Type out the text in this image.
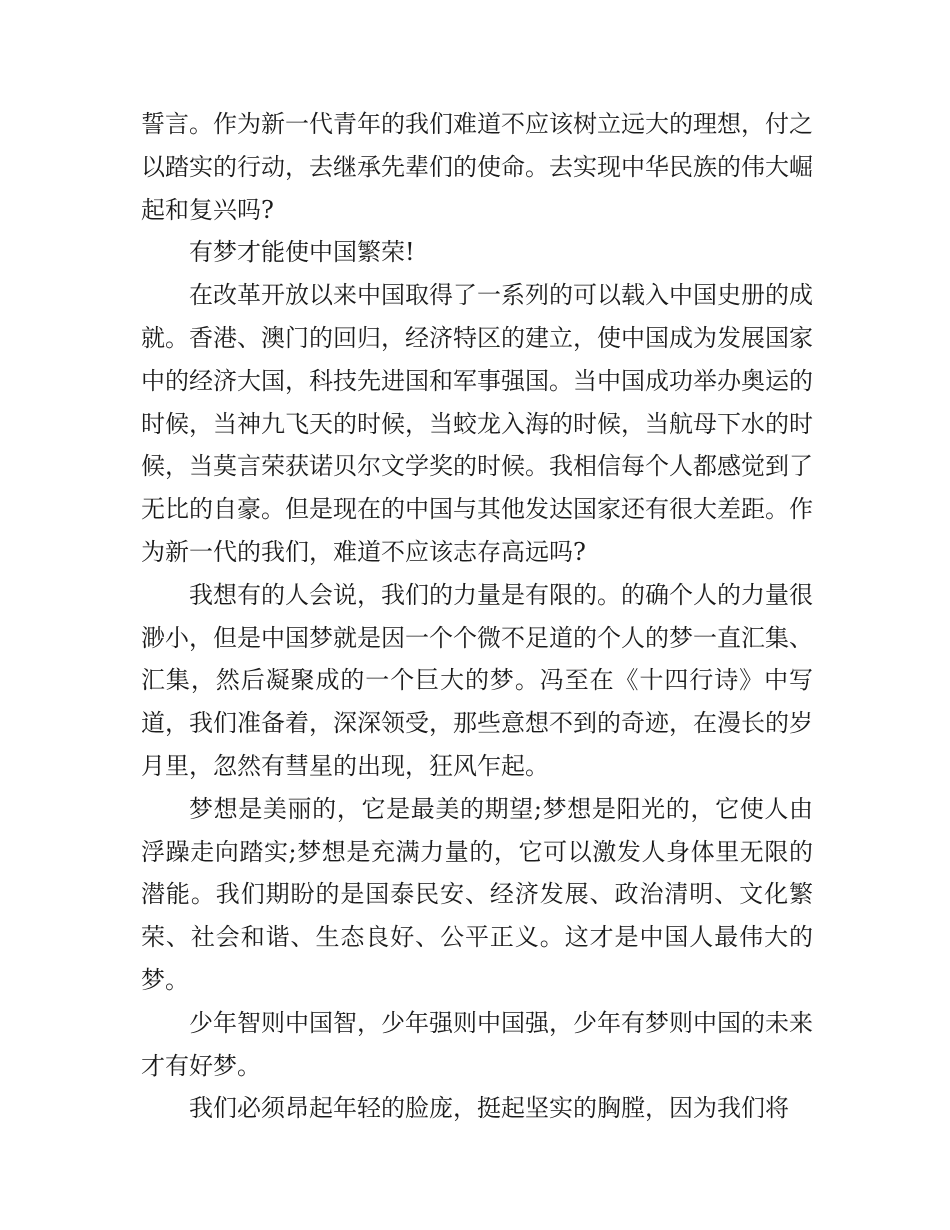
誓言。作为新一代青年的我们难道不应该树立远大的理想，付之以踏实的行动，去继承先辈们的使命。去实现中华民族的伟大崛起和复兴吗?

有梦才能使中国繁荣!

在改革开放以来中国取得了一系列的可以载入中国史册的成就。香港、澳门的回归，经济特区的建立，使中国成为发展国家中的经济大国，科技先进国和军事强国。当中国成功举办奥运的时候，当神九飞天的时候，当蛟龙入海的时候，当航母下水的时候，当莫言荣获诺贝尔文学奖的时候。我相信每个人都感觉到了无比的自豪。但是现在的中国与其他发达国家还有很大差距。作为新一代的我们，难道不应该志存高远吗?

我想有的人会说，我们的力量是有限的。的确个人的力量很渺小，但是中国梦就是因一个个微不足道的个人的梦一直汇集、汇集，然后凝聚成的一个巨大的梦。冯至在《十四行诗》中写道，我们准备着，深深领受，那些意想不到的奇迹，在漫长的岁月里，忽然有彗星的出现，狂风乍起。

梦想是美丽的，它是最美的期望;梦想是阳光的，它使人由浮躁走向踏实;梦想是充满力量的，它可以激发人身体里无限的潜能。我们期盼的是国泰民安、经济发展、政治清明、文化繁荣、社会和谐、生态良好、公平正义。这才是中国人最伟大的梦。

少年智则中国智，少年强则中国强，少年有梦则中国的未来才有好梦。

我们必须昂起年轻的脸庞，挺起坚实的胸膛，因为我们将
